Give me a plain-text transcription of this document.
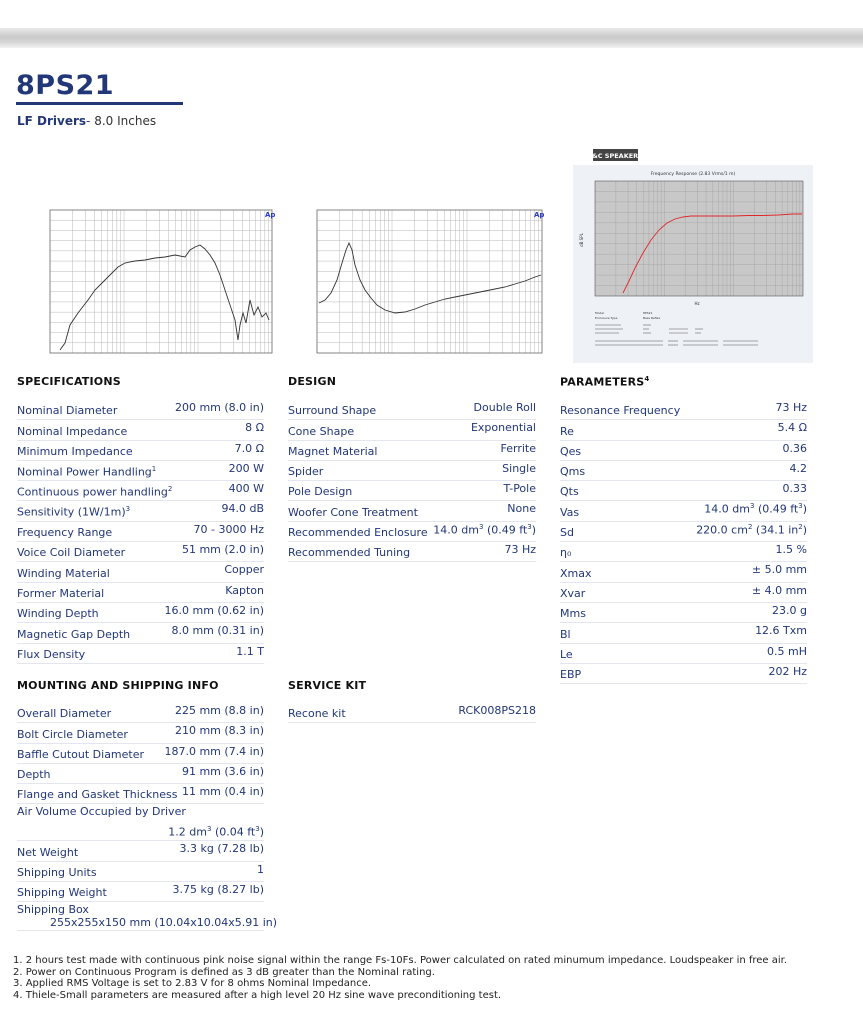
8PS21
LF Drivers- 8.0 Inches
Ap	Ap
B&C SPEAKERS
Frequency Response (2.83 Vrms/1 m)
dB SPL
Hz
Model	8PS21
Enclosure Type	Bass Reflex
SPECIFICATIONS
Nominal Diameter	200 mm (8.0 in)
Nominal Impedance	8 Ω
Minimum Impedance	7.0 Ω
Nominal Power Handling$^1$	200 W
Continuous power handling$^2$	400 W
Sensitivity $(1W/1m)^3$	94.0 dB
Frequency Range	70 - 3000 Hz
Voice Coil Diameter	51 mm (2.0 in)
Winding Material	Copper
Former Material	Kapton
Winding Depth	16.0 mm (0.62 in)
Magnetic Gap Depth	8.0 mm (0.31 in)
Flux Density	1.1 T
DESIGN
Surround Shape	Double Roll
Cone Shape	Exponential
Magnet Material	Ferrite
Spider	Single
Pole Design	T-Pole
Woofer Cone Treatment	None
Recommended Enclosure 14.0 $dm^3$ (0.49 $ft^3$)
Recommended Tuning	73 Hz
PARAMETERS$^4$
Resonance Frequency	73 Hz
Re	5.4 Ω
Qes	0.36
Qms	4.2
Qts	0.33
Vas	14.0 $dm^3$ (0.49 $ft^3$)
Sd	220.0 $cm^2$ (34.1 $in^2$)
η₀	1.5 %
Xmax	± 5.0 mm
Xvar	± 4.0 mm
Mms	23.0 g
Bl	12.6 Txm
Le	0.5 mH
EBP	202 Hz
MOUNTING AND SHIPPING INFO
Overall Diameter	225 mm (8.8 in)
Bolt Circle Diameter	210 mm (8.3 in)
Baffle Cutout Diameter 187.0 mm (7.4 in)
Depth	91 mm (3.6 in)
Flange and Gasket Thickness 11 mm (0.4 in)
Air Volume Occupied by Driver
1.2 $dm^3$ (0.04 $ft^3$)
Net Weight	3.3 kg (7.28 lb)
Shipping Units	1
Shipping Weight	3.75 kg (8.27 lb)
Shipping Box
255x255x150 mm (10.04x10.04x5.91 in)
SERVICE KIT
Recone kit	RCK008PS218
1. 2 hours test made with continuous pink noise signal within the range Fs-10Fs. Power calculated on rated minumum impedance. Loudspeaker in free air.
2. Power on Continuous Program is defined as 3 dB greater than the Nominal rating.
3. Applied RMS Voltage is set to 2.83 V for 8 ohms Nominal Impedance.
4. Thiele-Small parameters are measured after a high level 20 Hz sine wave preconditioning test.
